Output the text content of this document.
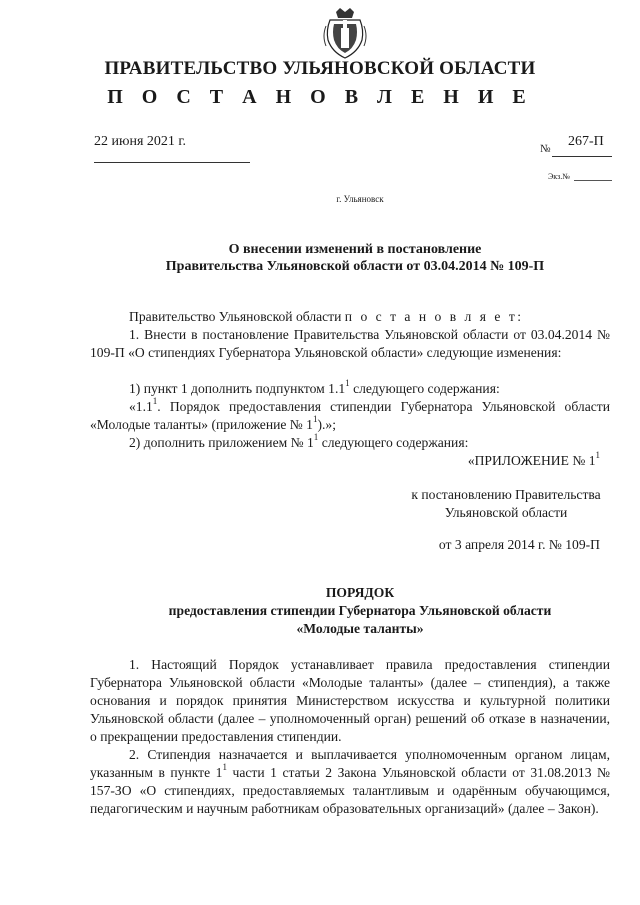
ПРАВИТЕЛЬСТВО УЛЬЯНОВСКОЙ ОБЛАСТИ
П О С Т А Н О В Л Е Н И Е
22 июня 2021 г.	№ 267-П
Экз.№
г. Ульяновск
О внесении изменений в постановление
Правительства Ульяновской области от 03.04.2014 № 109-П
Правительство Ульяновской области п о с т а н о в л я е т:
1. Внести в постановление Правительства Ульяновской области от 03.04.2014 № 109-П «О стипендиях Губернатора Ульяновской области» следующие изменения:
1) пункт 1 дополнить подпунктом $1.1^1$ следующего содержания:
«$1.1^1$. Порядок предоставления стипендии Губернатора Ульяновской области «Молодые таланты» (приложение № $1^1$).»;
2) дополнить приложением № $1^1$ следующего содержания:
«ПРИЛОЖЕНИЕ № $1^1$
к постановлению Правительства
Ульяновской области
от 3 апреля 2014 г. № 109-П
ПОРЯДОК
предоставления стипендии Губернатора Ульяновской области
«Молодые таланты»
1. Настоящий Порядок устанавливает правила предоставления стипендии Губернатора Ульяновской области «Молодые таланты» (далее – стипендия), а также основания и порядок принятия Министерством искусства и культурной политики Ульяновской области (далее – уполномоченный орган) решений об отказе в назначении, о прекращении предоставления стипендии.
2. Стипендия назначается и выплачивается уполномоченным органом лицам, указанным в пункте $1^1$ части 1 статьи 2 Закона Ульяновской области от 31.08.2013 № 157-ЗО «О стипендиях, предоставляемых талантливым и одарённым обучающимся, педагогическим и научным работникам образовательных организаций» (далее – Закон).
